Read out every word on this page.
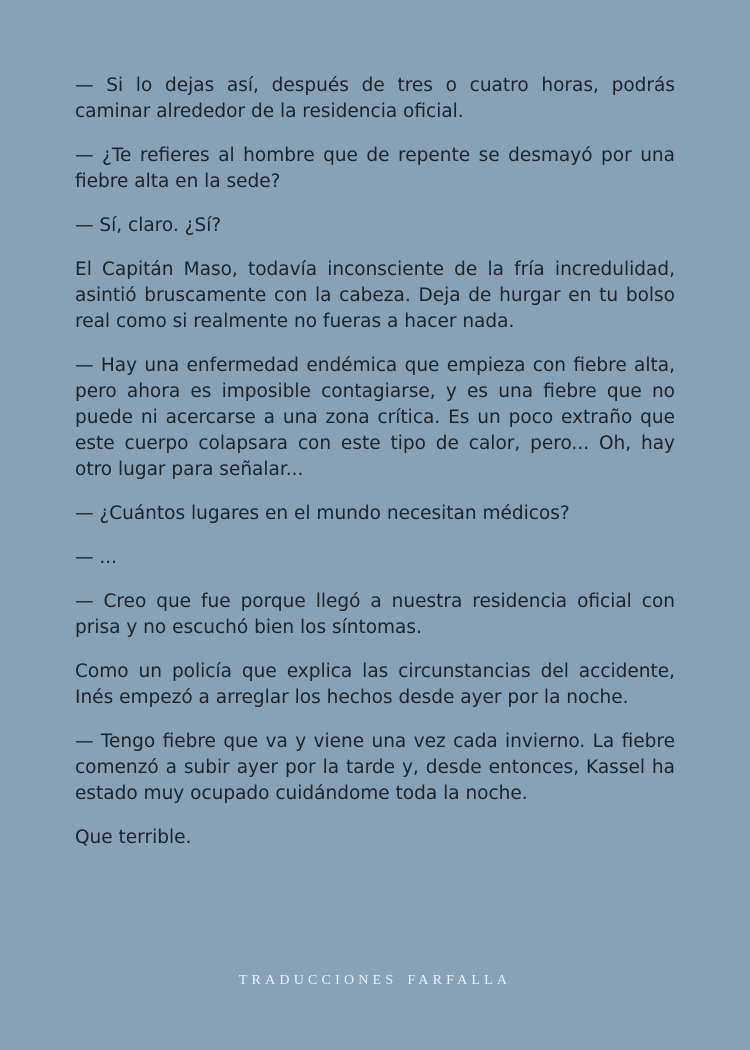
— Si lo dejas así, después de tres o cuatro horas, podrás caminar alrededor de la residencia oficial.

— ¿Te refieres al hombre que de repente se desmayó por una fiebre alta en la sede?

— Sí, claro. ¿Sí?

El Capitán Maso, todavía inconsciente de la fría incredulidad, asintió bruscamente con la cabeza. Deja de hurgar en tu bolso real como si realmente no fueras a hacer nada.

— Hay una enfermedad endémica que empieza con fiebre alta, pero ahora es imposible contagiarse, y es una fiebre que no puede ni acercarse a una zona crítica. Es un poco extraño que este cuerpo colapsara con este tipo de calor, pero... Oh, hay otro lugar para señalar...

— ¿Cuántos lugares en el mundo necesitan médicos?

— ...

— Creo que fue porque llegó a nuestra residencia oficial con prisa y no escuchó bien los síntomas.

Como un policía que explica las circunstancias del accidente, Inés empezó a arreglar los hechos desde ayer por la noche.

— Tengo fiebre que va y viene una vez cada invierno. La fiebre comenzó a subir ayer por la tarde y, desde entonces, Kassel ha estado muy ocupado cuidándome toda la noche.

Que terrible.

TRADUCCIONES FARFALLA
